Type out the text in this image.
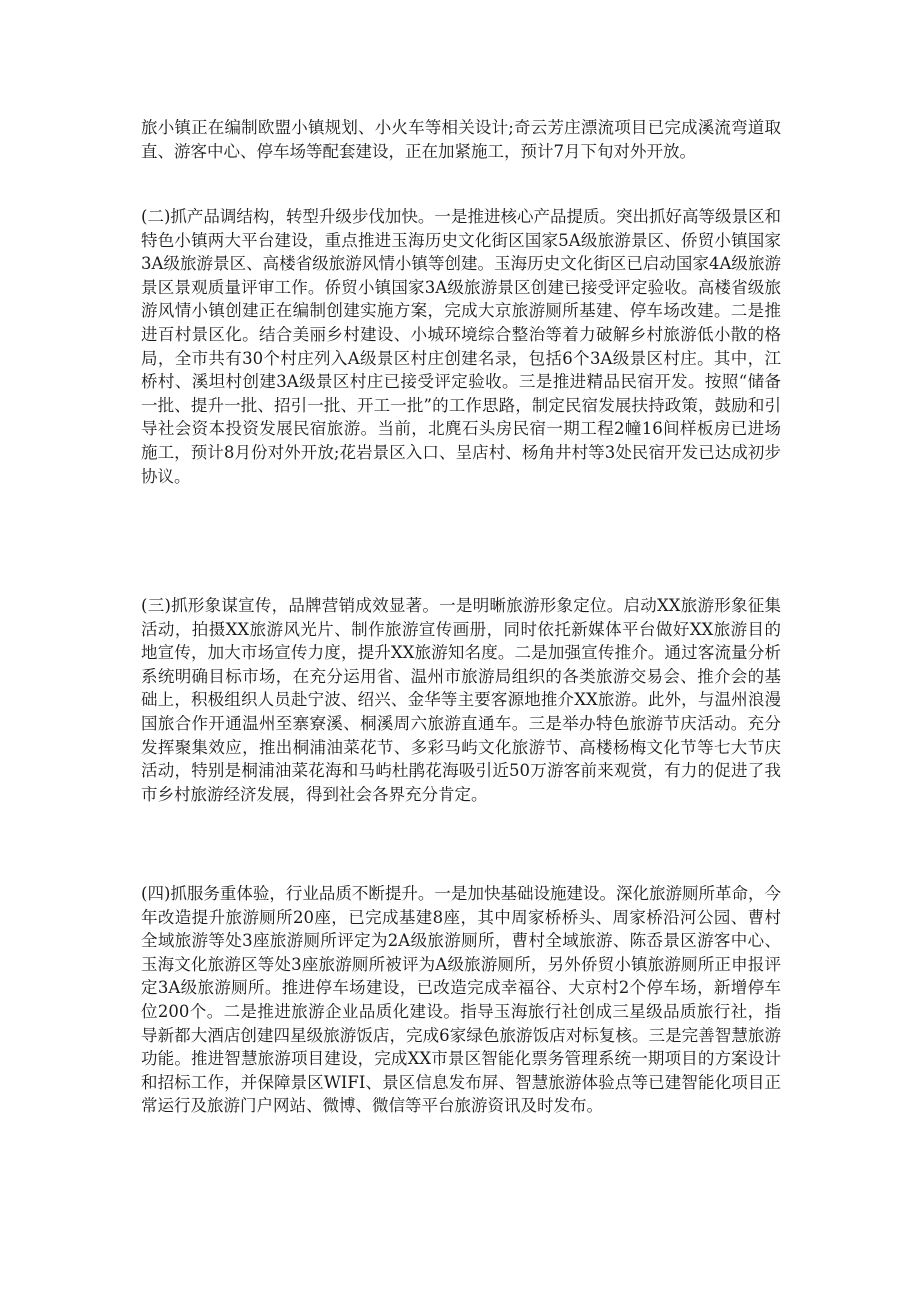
旅小镇正在编制欧盟小镇规划、小火车等相关设计;奇云芳庄漂流项目已完成溪流弯道取直、游客中心、停车场等配套建设，正在加紧施工，预计7月下旬对外开放。

(二)抓产品调结构，转型升级步伐加快。一是推进核心产品提质。突出抓好高等级景区和特色小镇两大平台建设，重点推进玉海历史文化街区国家5A级旅游景区、侨贸小镇国家3A级旅游景区、高楼省级旅游风情小镇等创建。玉海历史文化街区已启动国家4A级旅游景区景观质量评审工作。侨贸小镇国家3A级旅游景区创建已接受评定验收。高楼省级旅游风情小镇创建正在编制创建实施方案，完成大京旅游厕所基建、停车场改建。二是推进百村景区化。结合美丽乡村建设、小城环境综合整治等着力破解乡村旅游低小散的格局，全市共有30个村庄列入A级景区村庄创建名录，包括6个3A级景区村庄。其中，江桥村、溪坦村创建3A级景区村庄已接受评定验收。三是推进精品民宿开发。按照“储备一批、提升一批、招引一批、开工一批”的工作思路，制定民宿发展扶持政策，鼓励和引导社会资本投资发展民宿旅游。当前，北麂石头房民宿一期工程2幢16间样板房已进场施工，预计8月份对外开放;花岩景区入口、呈店村、杨角井村等3处民宿开发已达成初步协议。

(三)抓形象谋宣传，品牌营销成效显著。一是明晰旅游形象定位。启动XX旅游形象征集活动，拍摄XX旅游风光片、制作旅游宣传画册，同时依托新媒体平台做好XX旅游目的地宣传，加大市场宣传力度，提升XX旅游知名度。二是加强宣传推介。通过客流量分析系统明确目标市场，在充分运用省、温州市旅游局组织的各类旅游交易会、推介会的基础上，积极组织人员赴宁波、绍兴、金华等主要客源地推介XX旅游。此外，与温州浪漫国旅合作开通温州至寨寮溪、桐溪周六旅游直通车。三是举办特色旅游节庆活动。充分发挥聚集效应，推出桐浦油菜花节、多彩马屿文化旅游节、高楼杨梅文化节等七大节庆活动，特别是桐浦油菜花海和马屿杜鹃花海吸引近50万游客前来观赏，有力的促进了我市乡村旅游经济发展，得到社会各界充分肯定。

(四)抓服务重体验，行业品质不断提升。一是加快基础设施建设。深化旅游厕所革命，今年改造提升旅游厕所20座，已完成基建8座，其中周家桥桥头、周家桥沿河公园、曹村全域旅游等处3座旅游厕所评定为2A级旅游厕所，曹村全域旅游、陈岙景区游客中心、玉海文化旅游区等处3座旅游厕所被评为A级旅游厕所，另外侨贸小镇旅游厕所正申报评定3A级旅游厕所。推进停车场建设，已改造完成幸福谷、大京村2个停车场，新增停车位200个。二是推进旅游企业品质化建设。指导玉海旅行社创成三星级品质旅行社，指导新都大酒店创建四星级旅游饭店，完成6家绿色旅游饭店对标复核。三是完善智慧旅游功能。推进智慧旅游项目建设，完成XX市景区智能化票务管理系统一期项目的方案设计和招标工作，并保障景区WIFI、景区信息发布屏、智慧旅游体验点等已建智能化项目正常运行及旅游门户网站、微博、微信等平台旅游资讯及时发布。
